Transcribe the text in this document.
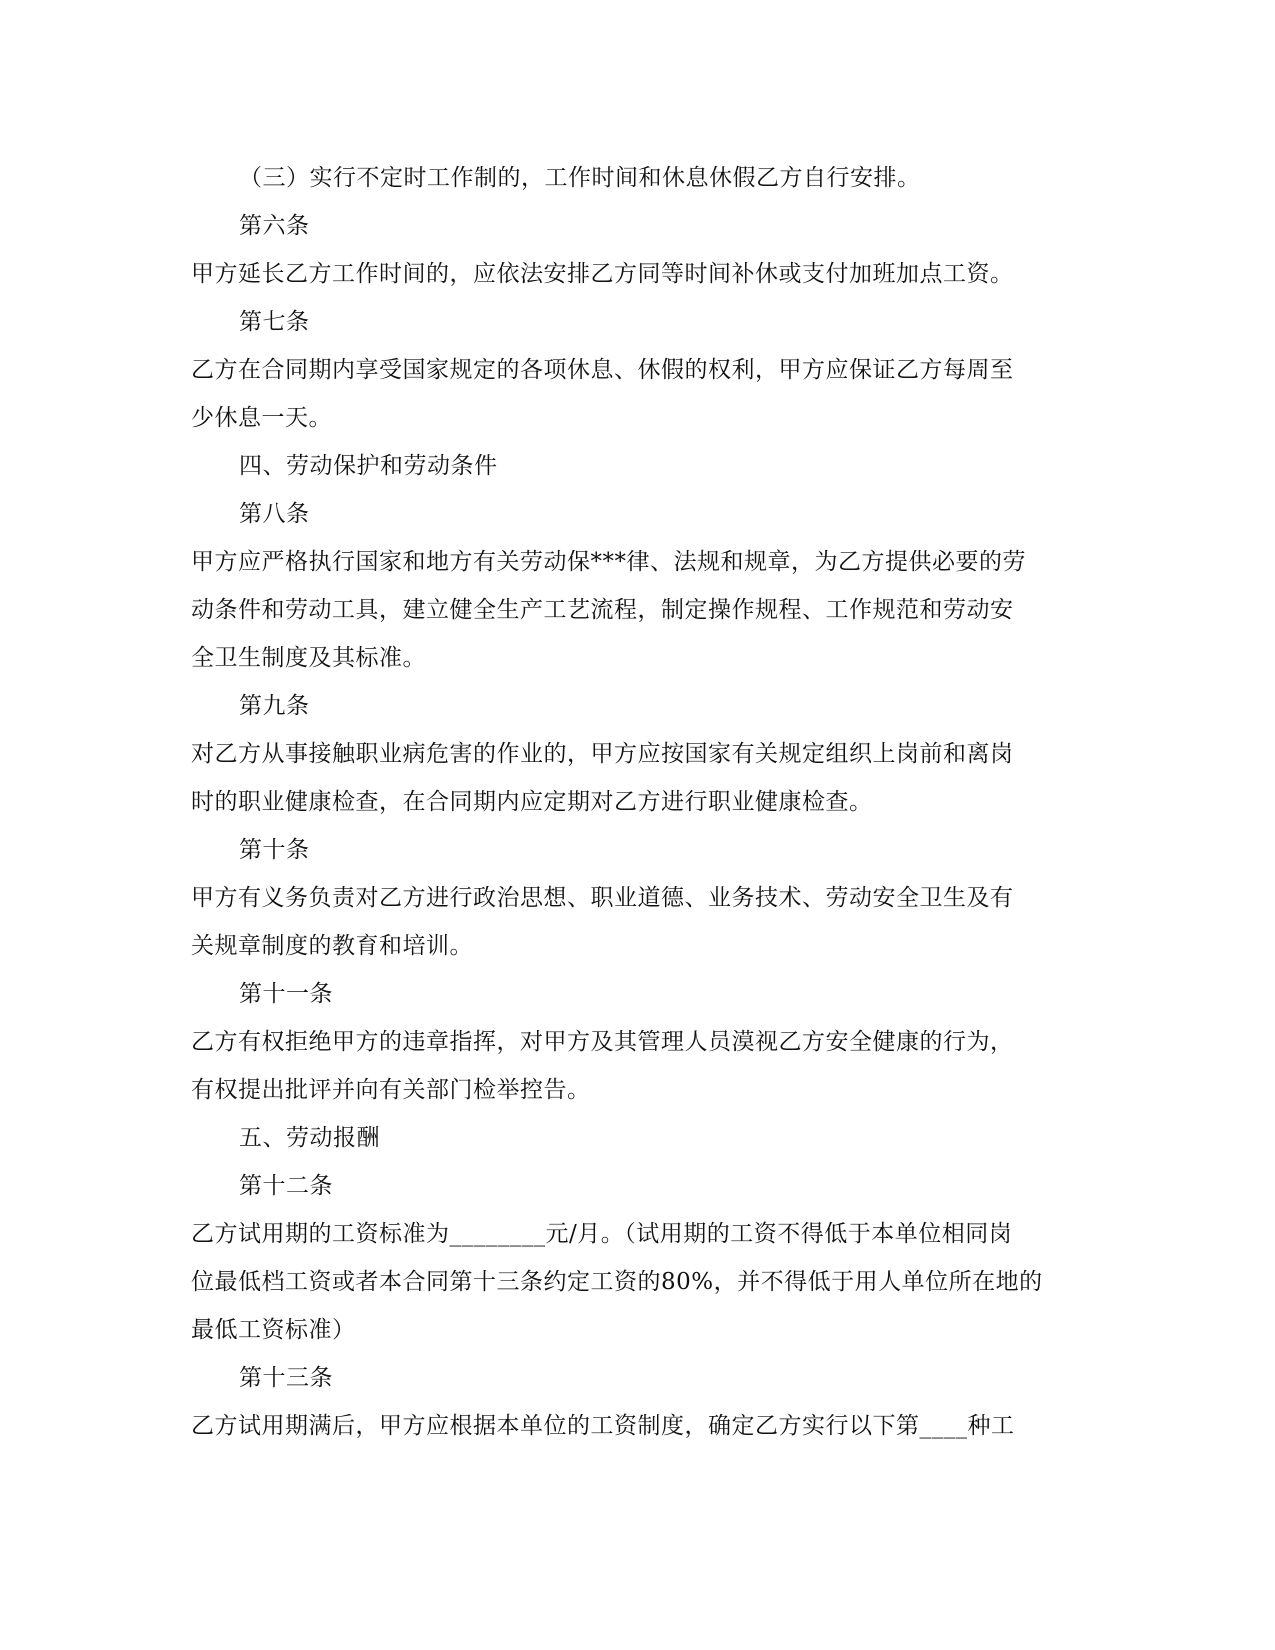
（三）实行不定时工作制的，工作时间和休息休假乙方自行安排。

第六条

甲方延长乙方工作时间的，应依法安排乙方同等时间补休或支付加班加点工资。

第七条

乙方在合同期内享受国家规定的各项休息、休假的权利，甲方应保证乙方每周至

少休息一天。

四、劳动保护和劳动条件

第八条

甲方应严格执行国家和地方有关劳动保***律、法规和规章，为乙方提供必要的劳

动条件和劳动工具，建立健全生产工艺流程，制定操作规程、工作规范和劳动安

全卫生制度及其标准。

第九条

对乙方从事接触职业病危害的作业的，甲方应按国家有关规定组织上岗前和离岗

时的职业健康检查，在合同期内应定期对乙方进行职业健康检查。

第十条

甲方有义务负责对乙方进行政治思想、职业道德、业务技术、劳动安全卫生及有

关规章制度的教育和培训。

第十一条

乙方有权拒绝甲方的违章指挥，对甲方及其管理人员漠视乙方安全健康的行为，

有权提出批评并向有关部门检举控告。

五、劳动报酬

第十二条

乙方试用期的工资标准为________元/月。（试用期的工资不得低于本单位相同岗

位最低档工资或者本合同第十三条约定工资的80%，并不得低于用人单位所在地的

最低工资标准）

第十三条

乙方试用期满后，甲方应根据本单位的工资制度，确定乙方实行以下第____种工
